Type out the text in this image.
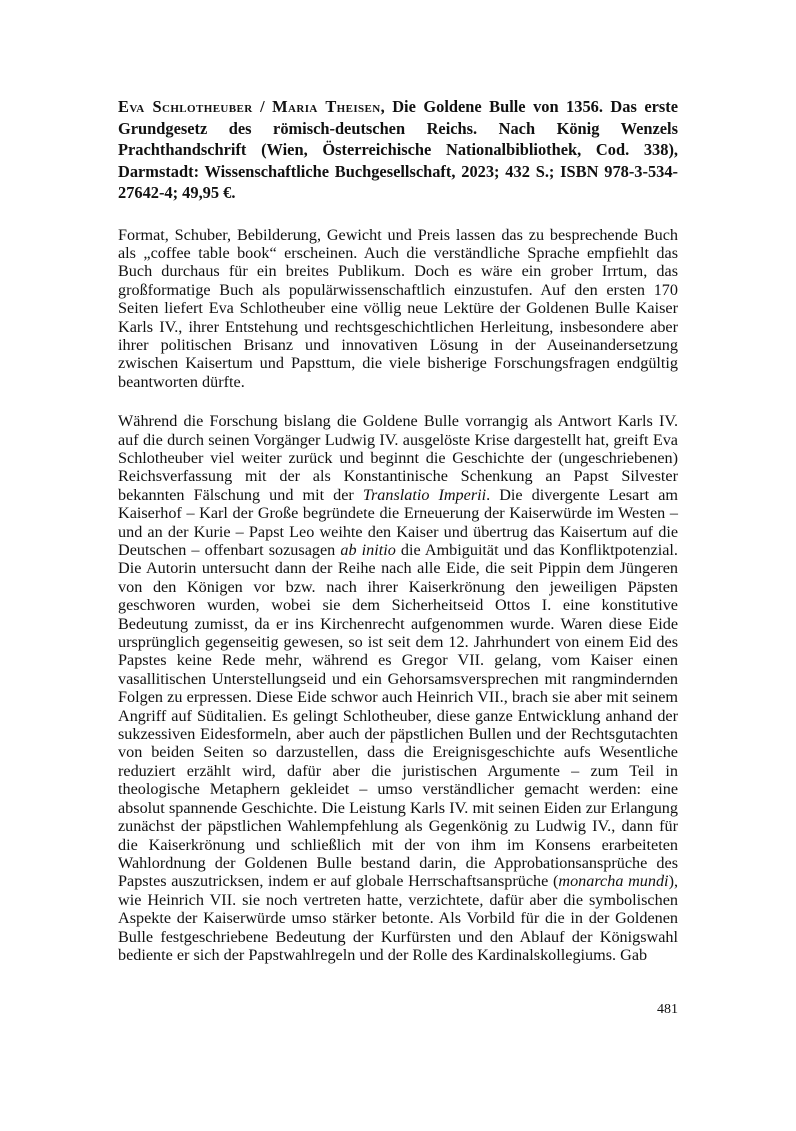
Eva Schlotheuber / Maria Theisen, Die Goldene Bulle von 1356. Das erste Grundgesetz des römisch-deutschen Reichs. Nach König Wenzels Prachthandschrift (Wien, Österreichische Nationalbibliothek, Cod. 338), Darmstadt: Wissenschaftliche Buchgesellschaft, 2023; 432 S.; ISBN 978-3-534-27642-4; 49,95 €.

Format, Schuber, Bebilderung, Gewicht und Preis lassen das zu besprechende Buch als „coffee table book“ erscheinen. Auch die verständliche Sprache empfiehlt das Buch durchaus für ein breites Publikum. Doch es wäre ein grober Irrtum, das großformatige Buch als populärwissenschaftlich einzustufen. Auf den ersten 170 Seiten liefert Eva Schlotheuber eine völlig neue Lektüre der Goldenen Bulle Kaiser Karls IV., ihrer Entstehung und rechtsgeschichtlichen Herleitung, insbesondere aber ihrer politischen Brisanz und innovativen Lösung in der Auseinandersetzung zwischen Kaisertum und Papsttum, die viele bisherige Forschungsfragen endgültig beantworten dürfte.

Während die Forschung bislang die Goldene Bulle vorrangig als Antwort Karls IV. auf die durch seinen Vorgänger Ludwig IV. ausgelöste Krise dargestellt hat, greift Eva Schlotheuber viel weiter zurück und beginnt die Geschichte der (ungeschriebenen) Reichsverfassung mit der als Konstantinische Schenkung an Papst Silvester bekannten Fälschung und mit der Translatio Imperii. Die divergente Lesart am Kaiserhof – Karl der Große begründete die Erneuerung der Kaiserwürde im Westen – und an der Kurie – Papst Leo weihte den Kaiser und übertrug das Kaisertum auf die Deutschen – offenbart sozusagen ab initio die Ambiguität und das Konfliktpotenzial. Die Autorin untersucht dann der Reihe nach alle Eide, die seit Pippin dem Jüngeren von den Königen vor bzw. nach ihrer Kaiserkrönung den jeweiligen Päpsten geschworen wurden, wobei sie dem Sicherheitseid Ottos I. eine konstitutive Bedeutung zumisst, da er ins Kirchenrecht aufgenommen wurde. Waren diese Eide ursprünglich gegenseitig gewesen, so ist seit dem 12. Jahrhundert von einem Eid des Papstes keine Rede mehr, während es Gregor VII. gelang, vom Kaiser einen vasallitischen Unterstellungseid und ein Gehorsamsversprechen mit rangmindernden Folgen zu erpressen. Diese Eide schwor auch Heinrich VII., brach sie aber mit seinem Angriff auf Süditalien. Es gelingt Schlotheuber, diese ganze Entwicklung anhand der sukzessiven Eidesformeln, aber auch der päpstlichen Bullen und der Rechtsgutachten von beiden Seiten so darzustellen, dass die Ereignisgeschichte aufs Wesentliche reduziert erzählt wird, dafür aber die juristischen Argumente – zum Teil in theologische Metaphern gekleidet – umso verständlicher gemacht werden: eine absolut spannende Geschichte. Die Leistung Karls IV. mit seinen Eiden zur Erlangung zunächst der päpstlichen Wahlempfehlung als Gegenkönig zu Ludwig IV., dann für die Kaiserkrönung und schließlich mit der von ihm im Konsens erarbeiteten Wahlordnung der Goldenen Bulle bestand darin, die Approbationsansprüche des Papstes auszutricksen, indem er auf globale Herrschaftsansprüche (monarcha mundi), wie Heinrich VII. sie noch vertreten hatte, verzichtete, dafür aber die symbolischen Aspekte der Kaiserwürde umso stärker betonte. Als Vorbild für die in der Goldenen Bulle festgeschriebene Bedeutung der Kurfürsten und den Ablauf der Königswahl bediente er sich der Papstwahlregeln und der Rolle des Kardinalskollegiums. Gab

481
